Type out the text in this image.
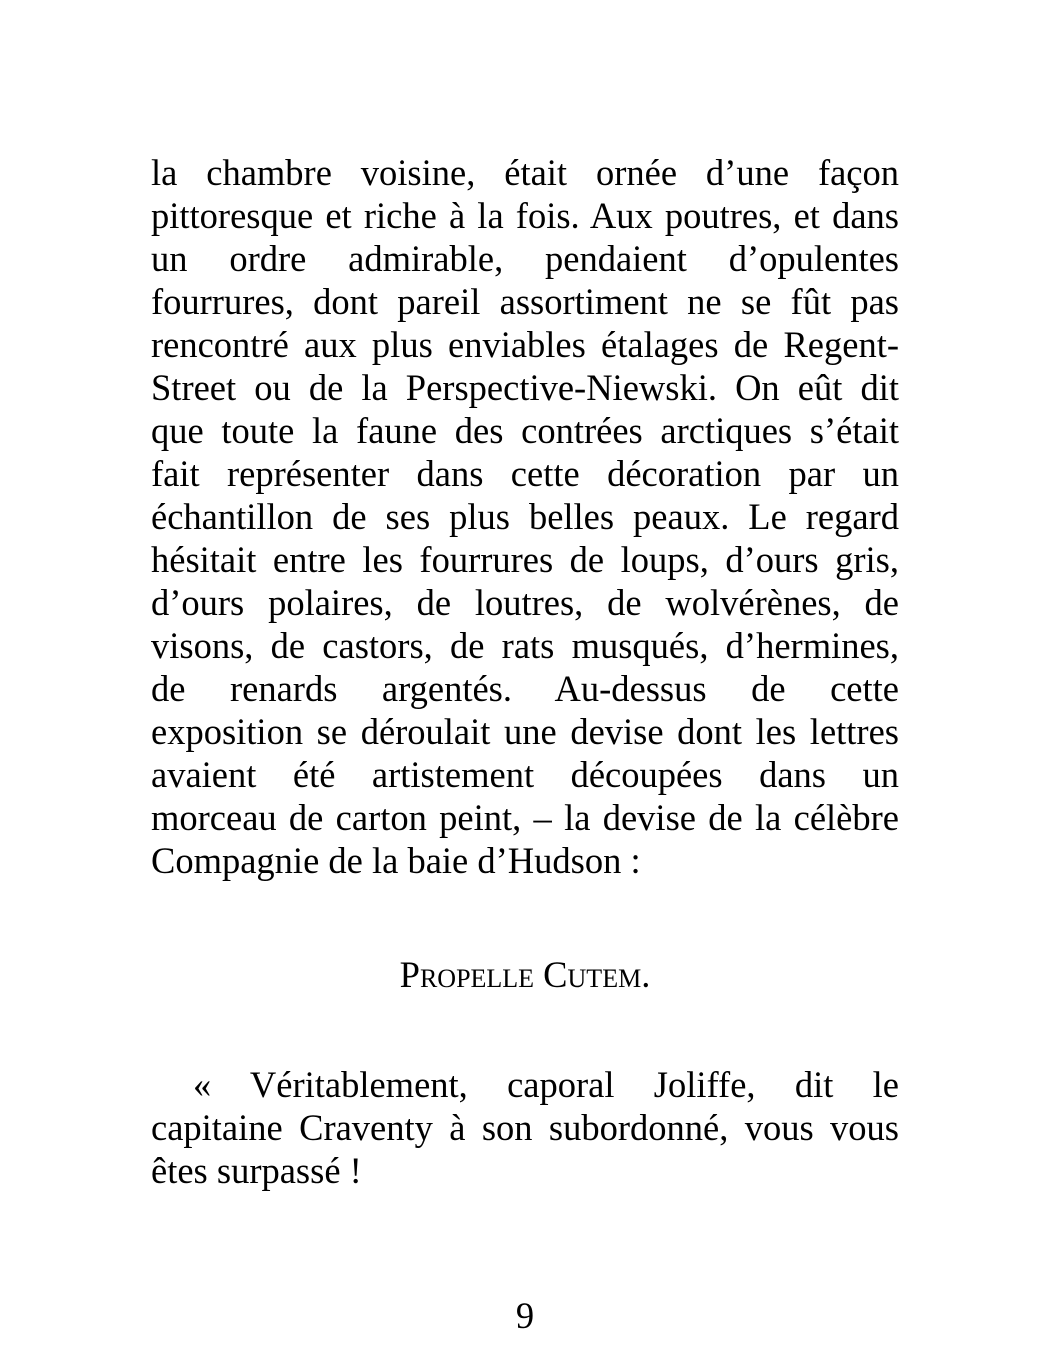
la chambre voisine, était ornée d’une façon
pittoresque et riche à la fois. Aux poutres, et dans
un ordre admirable, pendaient d’opulentes
fourrures, dont pareil assortiment ne se fût pas
rencontré aux plus enviables étalages de Regent-
Street ou de la Perspective-Niewski. On eût dit
que toute la faune des contrées arctiques s’était
fait représenter dans cette décoration par un
échantillon de ses plus belles peaux. Le regard
hésitait entre les fourrures de loups, d’ours gris,
d’ours polaires, de loutres, de wolvérènes, de
visons, de castors, de rats musqués, d’hermines,
de renards argentés. Au-dessus de cette
exposition se déroulait une devise dont les lettres
avaient été artistement découpées dans un
morceau de carton peint, – la devise de la célèbre
Compagnie de la baie d’Hudson :
Propelle Cutem.
« Véritablement, caporal Joliffe, dit le
capitaine Craventy à son subordonné, vous vous
êtes surpassé !
9
